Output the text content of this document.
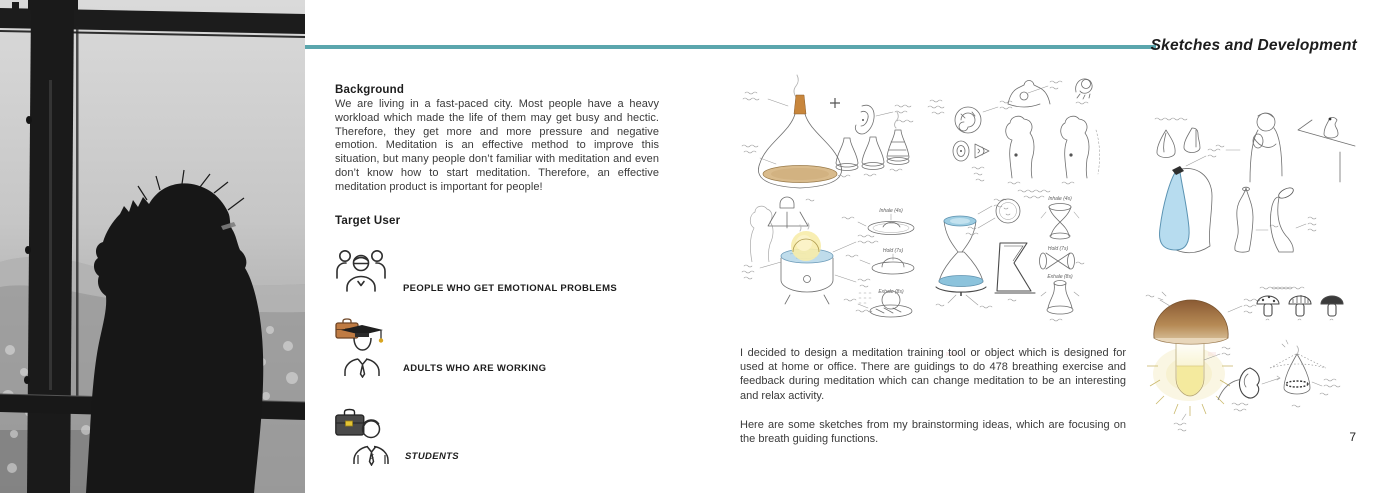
Sketches and Development
Background

We are living in a fast-paced city. Most people have a heavy workload which made the life of them may get busy and hectic. Therefore, they get more and more pressure and negative emotion. Meditation is an effective method to improve this situation, but many people don’t familiar with meditation and even don’t know how to start meditation. Therefore, an effective meditation product is important for people!

Target User
PEOPLE WHO GET EMOTIONAL PROBLEMS
ADULTS WHO ARE WORKING
STUDENTS
Inhale (4s)
Hold (7s)
Exhale (8s)
Inhale (4s)
Hold (7s)
Exhale (8s)

I decided to design a meditation training tool or object which is designed for used at home or office. There are guidings to do 478 breathing exercise and feedback during meditation which can change meditation to be an interesting and relax activity.

Here are some sketches from my brainstorming ideas, which are focusing on the breath guiding functions.	7
